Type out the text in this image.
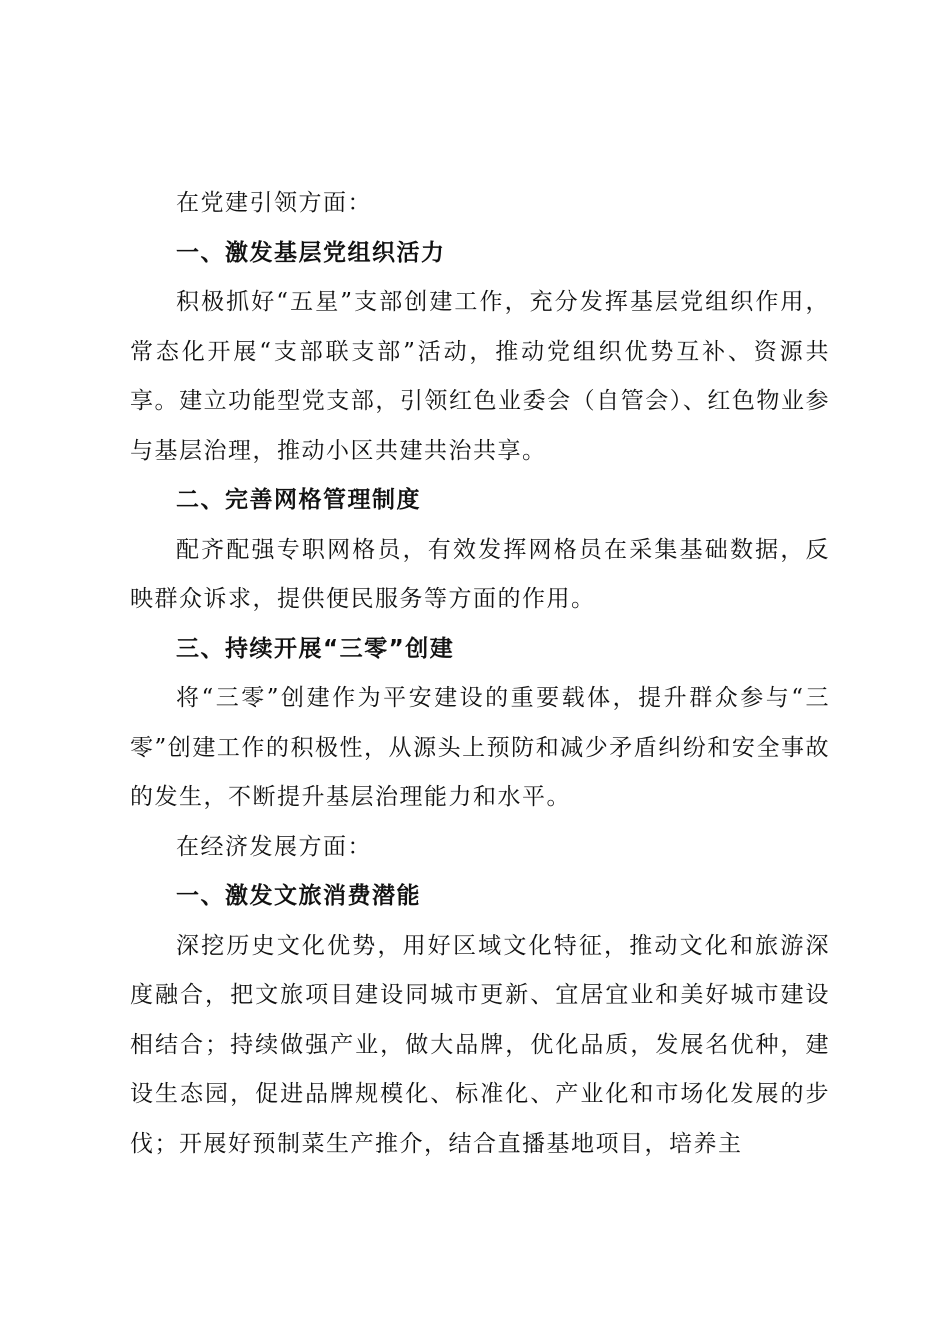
在党建引领方面：

一、激发基层党组织活力

积极抓好“五星”支部创建工作，充分发挥基层党组织作用，常态化开展“支部联支部”活动，推动党组织优势互补、资源共享。建立功能型党支部，引领红色业委会（自管会）、红色物业参与基层治理，推动小区共建共治共享。

二、完善网格管理制度

配齐配强专职网格员，有效发挥网格员在采集基础数据，反映群众诉求，提供便民服务等方面的作用。

三、持续开展“三零”创建

将“三零”创建作为平安建设的重要载体，提升群众参与“三零”创建工作的积极性，从源头上预防和减少矛盾纠纷和安全事故的发生，不断提升基层治理能力和水平。

在经济发展方面：

一、激发文旅消费潜能

深挖历史文化优势，用好区域文化特征，推动文化和旅游深度融合，把文旅项目建设同城市更新、宜居宜业和美好城市建设相结合；持续做强产业，做大品牌，优化品质，发展名优种，建设生态园，促进品牌规模化、标准化、产业化和市场化发展的步伐；开展好预制菜生产推介，结合直播基地项目，培养主
